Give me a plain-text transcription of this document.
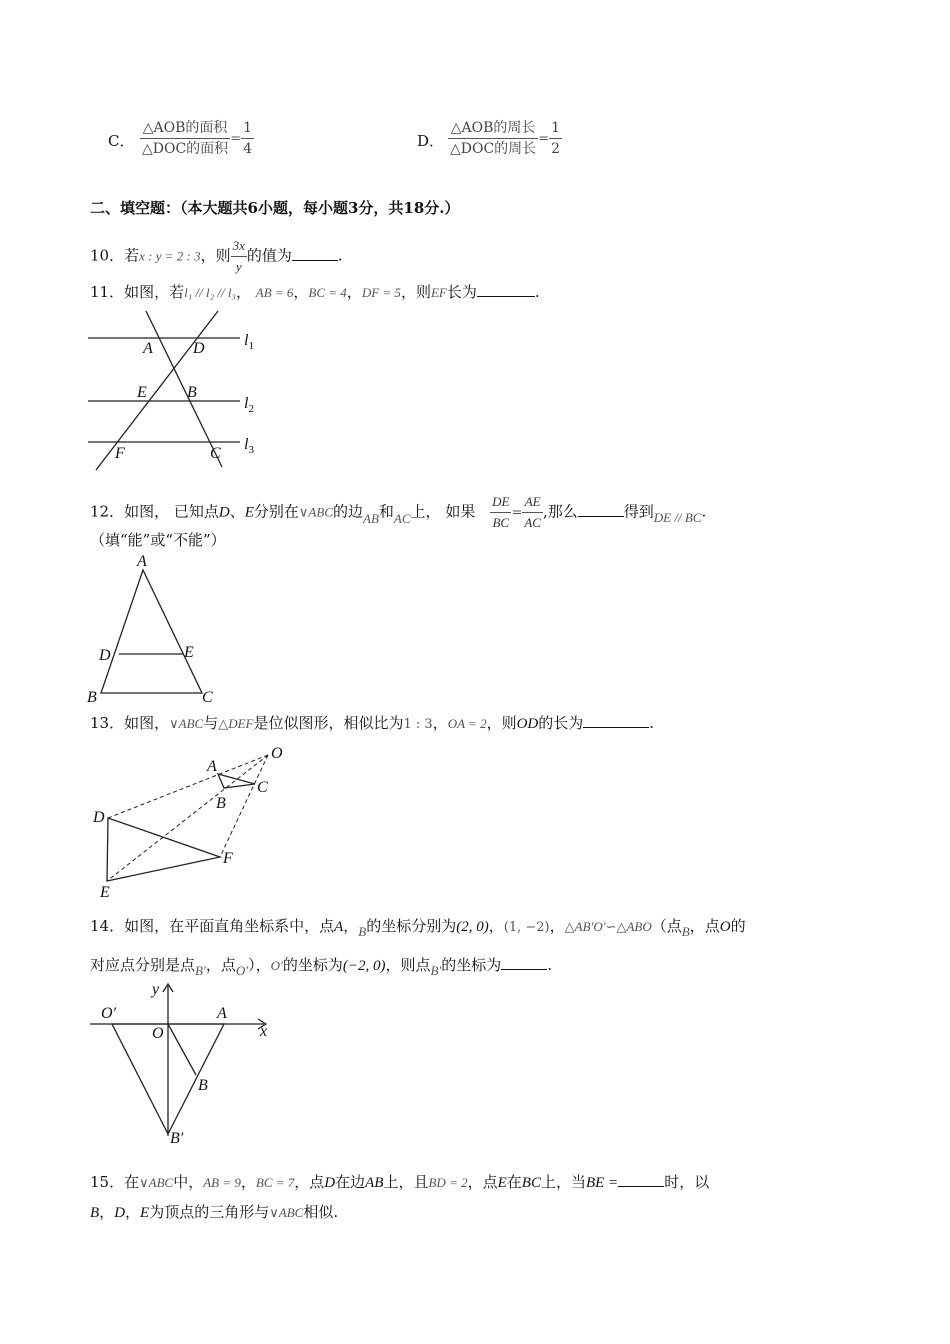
C． $\frac{\text{△AOB的面积}}{\text{△DOC的面积}} = \frac{1}{4}$	D． $\frac{\text{△AOB的周长}}{\text{△DOC的周长}} = \frac{1}{2}$
二、填空题：（本大题共6小题，每小题3分，共18分.）
10．若x : y = 2 : 3，则 $\frac{3x}{y}$ 的值为	.
11．如图，若l₁ // l₂ // l₃， AB = 6，BC = 4，DF = 5，则EF长为	.
$l_1$
$l_2$
$l_3$
A	D
E	B
F	C
12．如图， 已知点D、E分别在∨ABC的边AB和AC上， 如果 $\frac{DE}{BC} = \frac{AE}{AC}$ ,那么	得到DE // BC.
（填“能”或“不能”）
A
D	E
B	C
13．如图，∨ABC与△DEF是位似图形，相似比为1 : 3，OA = 2，则OD的长为	.
O
A
B
C
D
E
F
14．如图，在平面直角坐标系中，点A，B的坐标分别为(2, 0)，(1, −2)，△AB′O′∽△ABO（点B，点O的
对应点分别是点B′，点O′），O′的坐标为(−2, 0)，则点B′的坐标为	.
y
x
O′
O
A
B
B′
15．在∨ABC中，AB = 9，BC = 7，点D在边AB上，且BD = 2，点E在BC上，当BE =	时，以
B，D，E为顶点的三角形与∨ABC相似.
